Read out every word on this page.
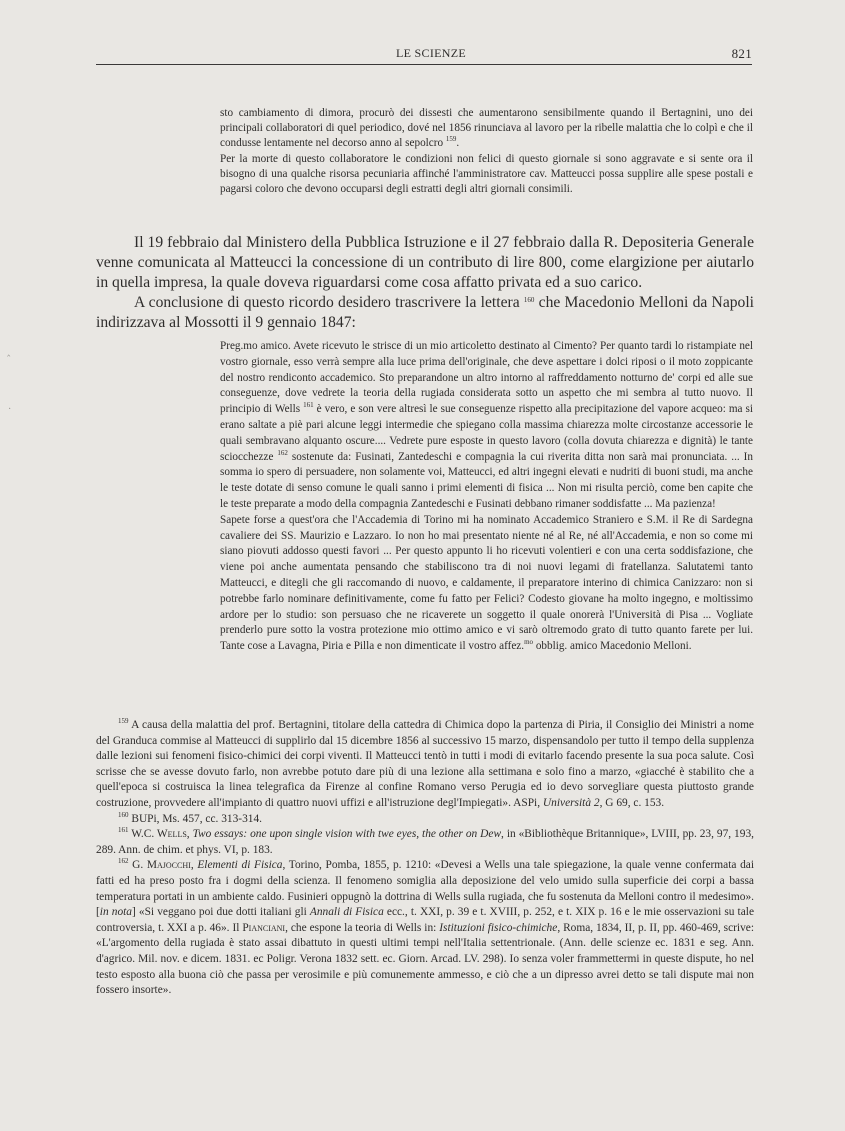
LE SCIENZE	821

sto cambiamento di dimora, procurò dei dissesti che aumentarono sensibilmente quando il Bertagnini, uno dei principali collaboratori di quel periodico, dové nel 1856 rinunciava al lavoro per la ribelle malattia che lo colpì e che il condusse lentamente nel decorso anno al sepolcro $^{159}$.

Per la morte di questo collaboratore le condizioni non felici di questo giornale si sono aggravate e si sente ora il bisogno di una qualche risorsa pecuniaria affinché l'amministratore cav. Matteucci possa supplire alle spese postali e pagarsi coloro che devono occuparsi degli estratti degli altri giornali consimili.

Il 19 febbraio dal Ministero della Pubblica Istruzione e il 27 febbraio dalla R. Depositeria Generale venne comunicata al Matteucci la concessione di un contributo di lire 800, come elargizione per aiutarlo in quella impresa, la quale doveva riguardarsi come cosa affatto privata ed a suo carico.

A conclusione di questo ricordo desidero trascrivere la lettera $^{160}$ che Macedonio Melloni da Napoli indirizzava al Mossotti il 9 gennaio 1847:

‸
·

Preg.mo amico. Avete ricevuto le strisce di un mio articoletto destinato al Cimento? Per quanto tardi lo ristampiate nel vostro giornale, esso verrà sempre alla luce prima dell'originale, che deve aspettare i dolci riposi o il moto zoppicante del nostro rendiconto accademico. Sto preparandone un altro intorno al raffreddamento notturno de' corpi ed alle sue conseguenze, dove vedrete la teoria della rugiada considerata sotto un aspetto che mi sembra al tutto nuovo. Il principio di Wells $^{161}$ è vero, e son vere altresì le sue conseguenze rispetto alla precipitazione del vapore acqueo: ma si erano saltate a piè pari alcune leggi intermedie che spiegano colla massima chiarezza molte circostanze accessorie le quali sembravano alquanto oscure.... Vedrete pure esposte in questo lavoro (colla dovuta chiarezza e dignità) le tante sciocchezze $^{162}$ sostenute da: Fusinati, Zantedeschi e compagnia la cui riverita ditta non sarà mai pronunciata. ... In somma io spero di persuadere, non solamente voi, Matteucci, ed altri ingegni elevati e nudriti di buoni studi, ma anche le teste dotate di senso comune le quali sanno i primi elementi di fisica ... Non mi risulta perciò, come ben capite che le teste preparate a modo della compagnia Zantedeschi e Fusinati debbano rimaner soddisfatte ... Ma pazienza!

Sapete forse a quest'ora che l'Accademia di Torino mi ha nominato Accademico Straniero e S.M. il Re di Sardegna cavaliere dei SS. Maurizio e Lazzaro. Io non ho mai presentato niente né al Re, né all'Accademia, e non so come mi siano piovuti addosso questi favori ... Per questo appunto li ho ricevuti volentieri e con una certa soddisfazione, che viene poi anche aumentata pensando che stabiliscono tra di noi nuovi legami di fratellanza. Salutatemi tanto Matteucci, e ditegli che gli raccomando di nuovo, e caldamente, il preparatore interino di chimica Canizzaro: non si potrebbe farlo nominare definitivamente, come fu fatto per Felici? Codesto giovane ha molto ingegno, e moltissimo ardore per lo studio: son persuaso che ne ricaverete un soggetto il quale onorerà l'Università di Pisa ... Vogliate prenderlo pure sotto la vostra protezione mio ottimo amico e vi sarò oltremodo grato di tutto quanto farete per lui. Tante cose a Lavagna, Piria e Pilla e non dimenticate il vostro affez.$^{mo}$ obblig. amico Macedonio Melloni.

$^{159}$ A causa della malattia del prof. Bertagnini, titolare della cattedra di Chimica dopo la partenza di Piria, il Consiglio dei Ministri a nome del Granduca commise al Matteucci di supplirlo dal 15 dicembre 1856 al successivo 15 marzo, dispensandolo per tutto il tempo della supplenza dalle lezioni sui fenomeni fisico-chimici dei corpi viventi. Il Matteucci tentò in tutti i modi di evitarlo facendo presente la sua poca salute. Così scrisse che se avesse dovuto farlo, non avrebbe potuto dare più di una lezione alla settimana e solo fino a marzo, «giacché è stabilito che a quell'epoca si costruisca la linea telegrafica da Firenze al confine Romano verso Perugia ed io devo sorvegliare questa piuttosto grande costruzione, provvedere all'impianto di quattro nuovi uffizi e all'istruzione degl'Impiegati». ASPi, Università 2, G 69, c. 153.

$^{160}$ BUPi, Ms. 457, cc. 313-314.

$^{161}$ W.C. Wells, Two essays: one upon single vision with twe eyes, the other on Dew, in «Bibliothèque Britannique», LVIII, pp. 23, 97, 193, 289. Ann. de chim. et phys. VI, p. 183.

$^{162}$ G. Majocchi, Elementi di Fisica, Torino, Pomba, 1855, p. 1210: «Devesi a Wells una tale spiegazione, la quale venne confermata dai fatti ed ha preso posto fra i dogmi della scienza. Il fenomeno somiglia alla deposizione del velo umido sulla superficie dei corpi a bassa temperatura portati in un ambiente caldo. Fusinieri oppugnò la dottrina di Wells sulla rugiada, che fu sostenuta da Melloni contro il medesimo». [in nota] «Si veggano poi due dotti italiani gli Annali di Fisica ecc., t. XXI, p. 39 e t. XVIII, p. 252, e t. XIX p. 16 e le mie osservazioni su tale controversia, t. XXI a p. 46». Il Pianciani, che espone la teoria di Wells in: Istituzioni fisico-chimiche, Roma, 1834, II, p. II, pp. 460-469, scrive: «L'argomento della rugiada è stato assai dibattuto in questi ultimi tempi nell'Italia settentrionale. (Ann. delle scienze ec. 1831 e seg. Ann. d'agrico. Mil. nov. e dicem. 1831. ec Poligr. Verona 1832 sett. ec. Giorn. Arcad. LV. 298). Io senza voler frammettermi in queste dispute, ho nel testo esposto alla buona ciò che passa per verosimile e più comunemente ammesso, e ciò che a un dipresso avrei detto se tali dispute mai non fossero insorte».
